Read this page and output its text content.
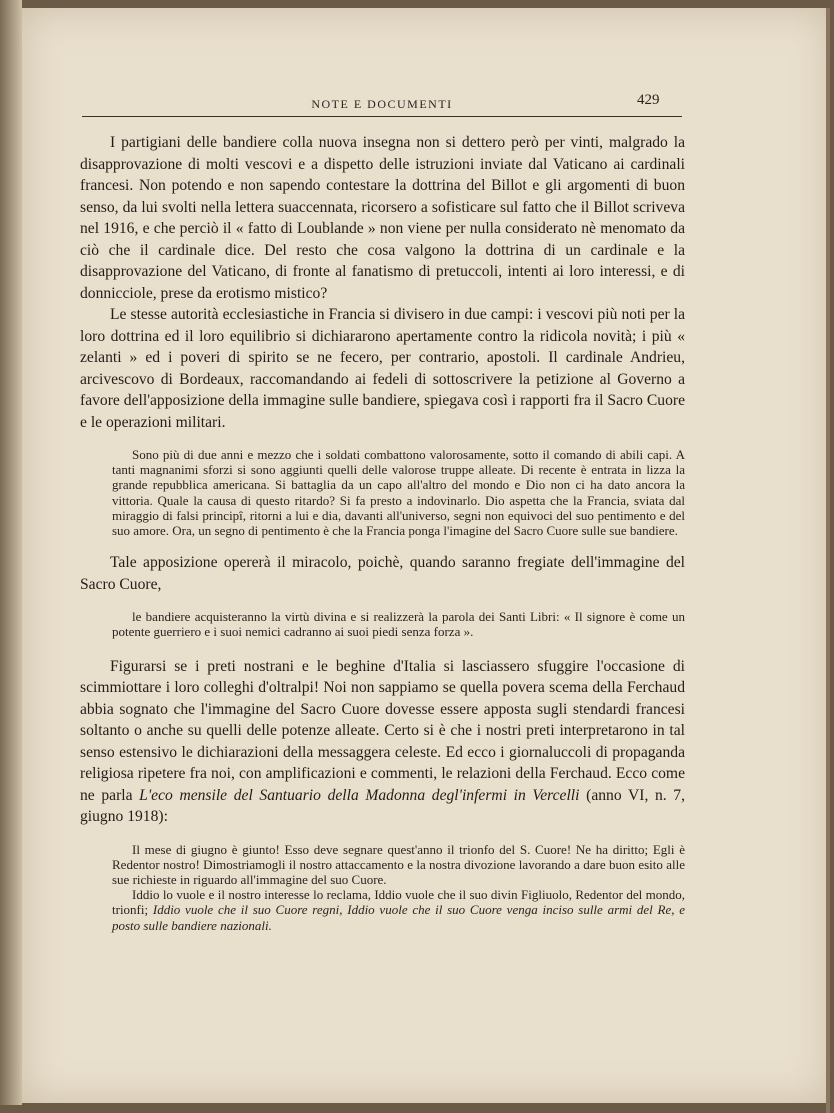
NOTE E DOCUMENTI	429

I partigiani delle bandiere colla nuova insegna non si dettero però per vinti, malgrado la disapprovazione di molti vescovi e a dispetto delle istruzioni inviate dal Vaticano ai cardinali francesi. Non potendo e non sapendo contestare la dottrina del Billot e gli argomenti di buon senso, da lui svolti nella lettera suaccennata, ricorsero a sofisticare sul fatto che il Billot scriveva nel 1916, e che perciò il « fatto di Loublande » non viene per nulla considerato nè menomato da ciò che il cardinale dice. Del resto che cosa valgono la dottrina di un cardinale e la disapprovazione del Vaticano, di fronte al fanatismo di pretuccoli, intenti ai loro interessi, e di donnicciole, prese da erotismo mistico?

Le stesse autorità ecclesiastiche in Francia si divisero in due campi: i vescovi più noti per la loro dottrina ed il loro equilibrio si dichiararono apertamente contro la ridicola novità; i più « zelanti » ed i poveri di spirito se ne fecero, per contrario, apostoli. Il cardinale Andrieu, arcivescovo di Bordeaux, raccomandando ai fedeli di sottoscrivere la petizione al Governo a favore dell'apposizione della immagine sulle bandiere, spiegava così i rapporti fra il Sacro Cuore e le operazioni militari.

Sono più di due anni e mezzo che i soldati combattono valorosamente, sotto il comando di abili capi. A tanti magnanimi sforzi si sono aggiunti quelli delle valorose truppe alleate. Di recente è entrata in lizza la grande repubblica americana. Si battaglia da un capo all'altro del mondo e Dio non ci ha dato ancora la vittoria. Quale la causa di questo ritardo? Si fa presto a indovinarlo. Dio aspetta che la Francia, sviata dal miraggio di falsi principî, ritorni a lui e dia, davanti all'universo, segni non equivoci del suo pentimento e del suo amore. Ora, un segno di pentimento è che la Francia ponga l'imagine del Sacro Cuore sulle sue bandiere.

Tale apposizione opererà il miracolo, poichè, quando saranno fregiate dell'immagine del Sacro Cuore,

le bandiere acquisteranno la virtù divina e si realizzerà la parola dei Santi Libri: « Il signore è come un potente guerriero e i suoi nemici cadranno ai suoi piedi senza forza ».

Figurarsi se i preti nostrani e le beghine d'Italia si lasciassero sfuggire l'occasione di scimmiottare i loro colleghi d'oltralpi! Noi non sappiamo se quella povera scema della Ferchaud abbia sognato che l'immagine del Sacro Cuore dovesse essere apposta sugli stendardi francesi soltanto o anche su quelli delle potenze alleate. Certo si è che i nostri preti interpretarono in tal senso estensivo le dichiarazioni della messaggera celeste. Ed ecco i giornaluccoli di propaganda religiosa ripetere fra noi, con amplificazioni e commenti, le relazioni della Ferchaud. Ecco come ne parla L'eco mensile del Santuario della Madonna degl'infermi in Vercelli (anno VI, n. 7, giugno 1918):

Il mese di giugno è giunto! Esso deve segnare quest'anno il trionfo del S. Cuore! Ne ha diritto; Egli è Redentor nostro! Dimostriamogli il nostro attaccamento e la nostra divozione lavorando a dare buon esito alle sue richieste in riguardo all'immagine del suo Cuore.

Iddio lo vuole e il nostro interesse lo reclama, Iddio vuole che il suo divin Figliuolo, Redentor del mondo, trionfi; Iddio vuole che il suo Cuore regni, Iddio vuole che il suo Cuore venga inciso sulle armi del Re, e posto sulle bandiere nazionali.
